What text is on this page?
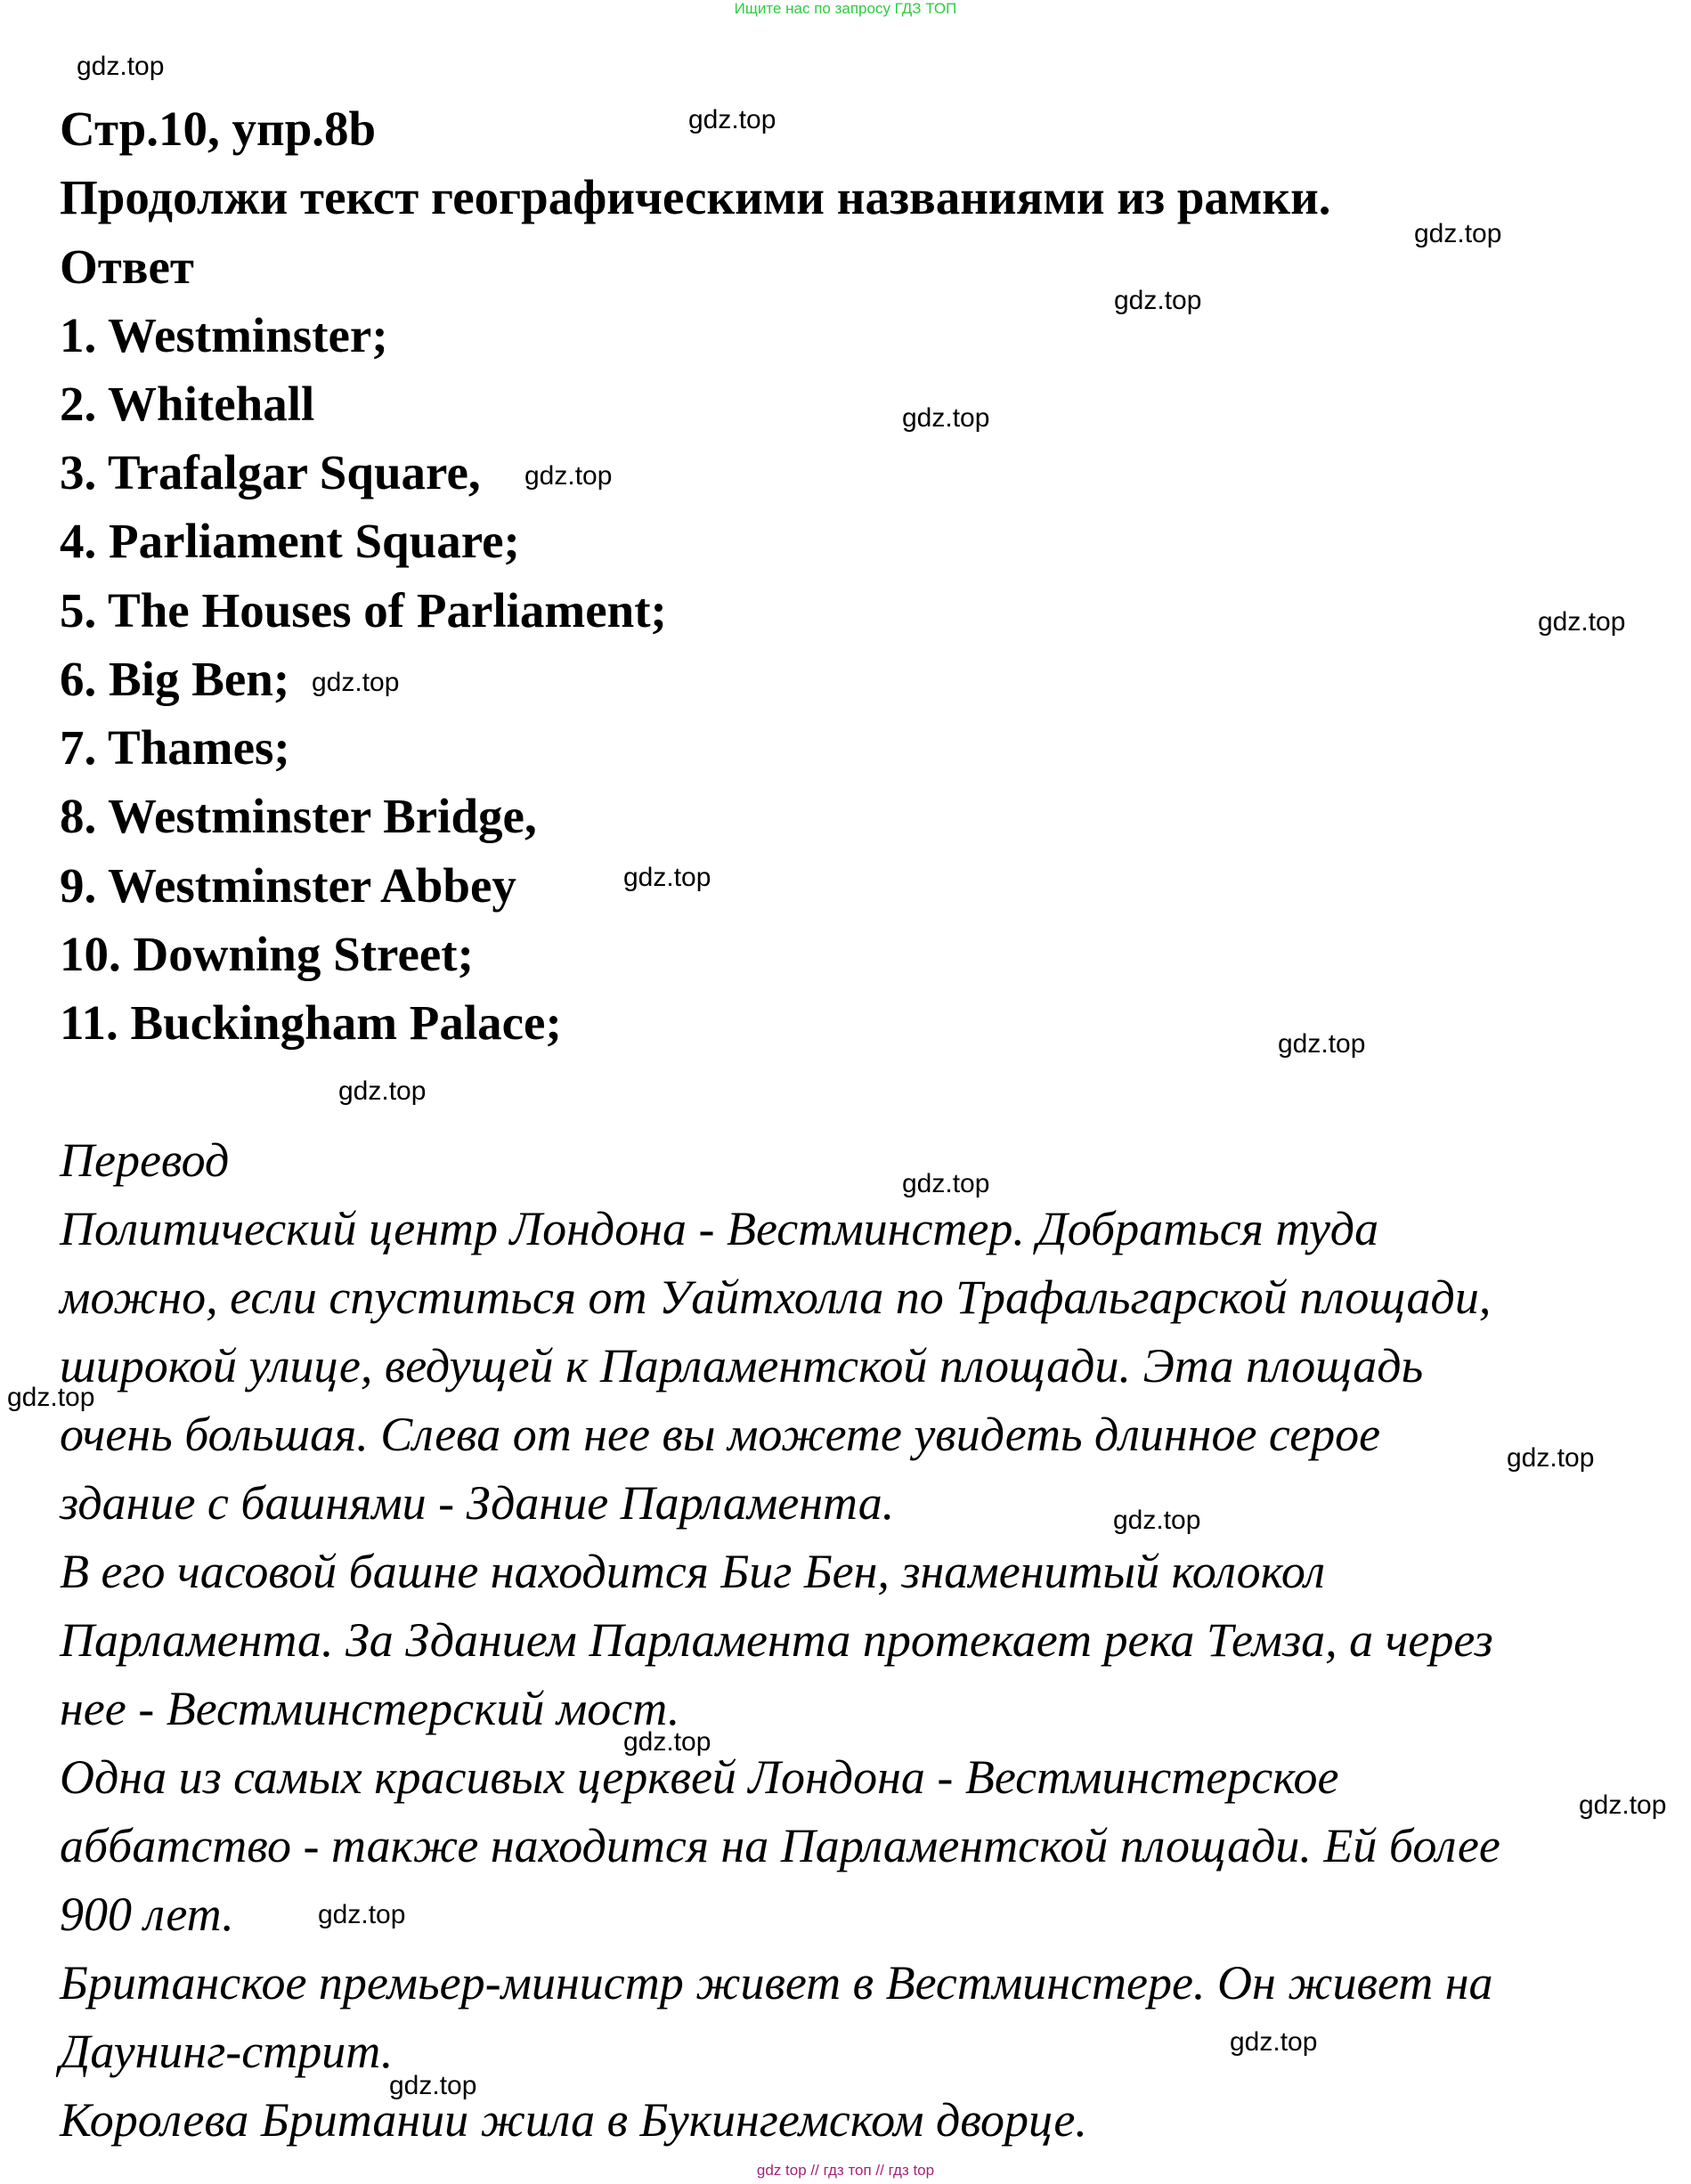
Ищите нас по запросу ГДЗ ТОП
Стр.10, упр.8b
Продолжи текст географическими названиями из рамки.
Ответ
1. Westminster;
2. Whitehall
3. Trafalgar Square,
4. Parliament Square;
5. The Houses of Parliament;
6. Big Ben;
7. Thames;
8. Westminster Bridge,
9. Westminster Abbey
10. Downing Street;
11. Buckingham Palace;
Перевод
Политический центр Лондона - Вестминстер. Добраться туда
можно, если спуститься от Уайтхолла по Трафальгарской площади,
широкой улице, ведущей к Парламентской площади. Эта площадь
очень большая. Слева от нее вы можете увидеть длинное серое
здание с башнями - Здание Парламента.
В его часовой башне находится Биг Бен, знаменитый колокол
Парламента. За Зданием Парламента протекает река Темза, а через
нее - Вестминстерский мост.
Одна из самых красивых церквей Лондона - Вестминстерское
аббатство - также находится на Парламентской площади. Ей более
900 лет.
Британское премьер-министр живет в Вестминстере. Он живет на
Даунинг-стрит.
Королева Британии жила в Букингемском дворце.
gdz.top
gdz.top
gdz.top
gdz.top
gdz.top
gdz.top
gdz.top
gdz.top
gdz.top
gdz.top
gdz.top
gdz.top
gdz.top
gdz.top
gdz.top
gdz.top
gdz.top
gdz.top
gdz.top
gdz.top
gdz top // гдз топ // гдз top
